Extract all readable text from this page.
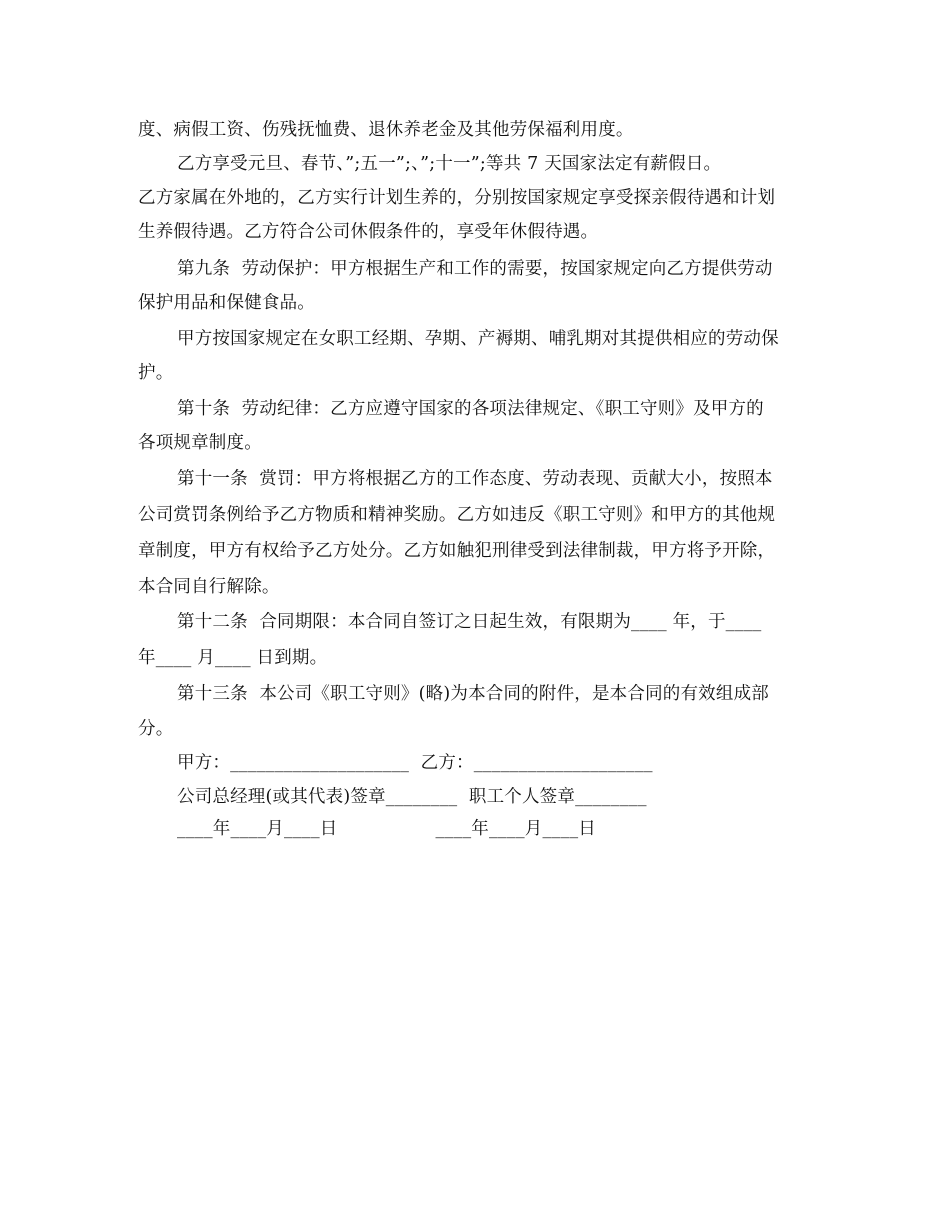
度、病假工资、伤残抚恤费、退休养老金及其他劳保福利用度。
乙方享受元旦、春节、”;五一”;、”;十一”;等共 7 天国家法定有薪假日。
乙方家属在外地的，乙方实行计划生养的，分别按国家规定享受探亲假待遇和计划
生养假待遇。乙方符合公司休假条件的，享受年休假待遇。
第九条  劳动保护：甲方根据生产和工作的需要，按国家规定向乙方提供劳动
保护用品和保健食品。
甲方按国家规定在女职工经期、孕期、产褥期、哺乳期对其提供相应的劳动保
护。
第十条  劳动纪律：乙方应遵守国家的各项法律规定、《职工守则》及甲方的
各项规章制度。
第十一条  赏罚：甲方将根据乙方的工作态度、劳动表现、贡献大小，按照本
公司赏罚条例给予乙方物质和精神奖励。乙方如违反《职工守则》和甲方的其他规
章制度，甲方有权给予乙方处分。乙方如触犯刑律受到法律制裁，甲方将予开除，
本合同自行解除。
第十二条  合同期限：本合同自签订之日起生效，有限期为____ 年，于____
年____ 月____ 日到期。
第十三条  本公司《职工守则》(略)为本合同的附件，是本合同的有效组成部
分。
甲方：____________________  乙方：____________________
公司总经理(或其代表)签章________  职工个人签章________
____年____月____日                 ____年____月____日
